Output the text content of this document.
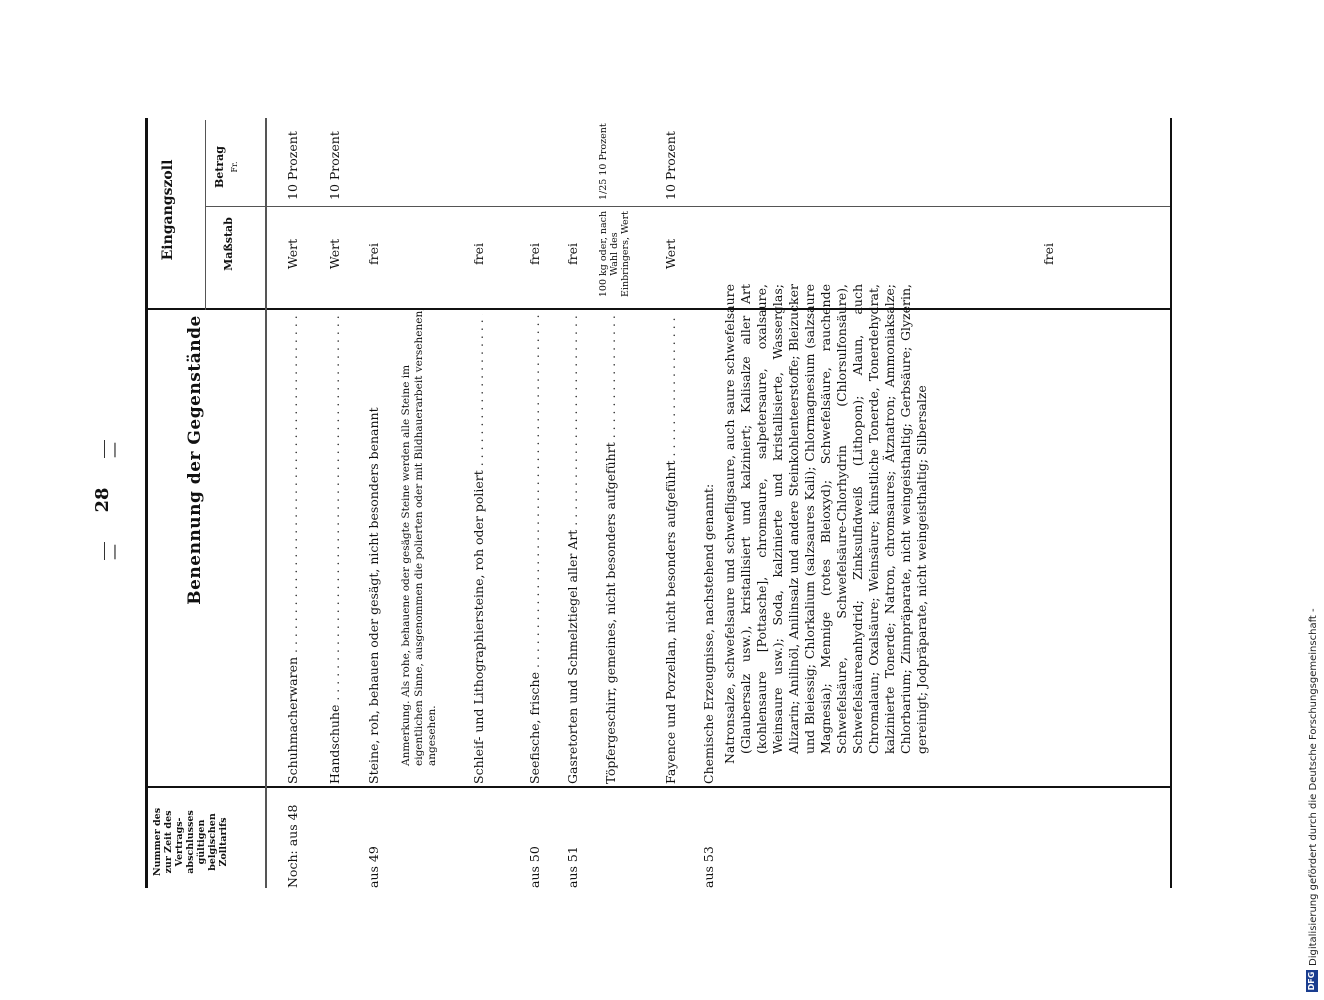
—
28
—
Nummer des zur Zeit des Vertragsabschlusses gültigen belgischen Zolltarifs
Benennung der Gegenstände
Eingangszoll	Maßstab
Betrag Fr.
Noch: aus 48
Schuhmacherwaren . . .
Wert
10 Prozent
Handschuhe . . .
Wert
10 Prozent
aus 49
Steine, roh, behauen oder gesägt, nicht besonders benannt
frei
Anmerkung. Als rohe, behauene oder gesägte Steine werden alle Steine im eigentlichen Sinne, ausgenommen die polierten oder mit Bildhauerarbeit versehenen, angesehen.	Schleif- und Lithographiersteine, roh oder poliert . . .
frei
aus 50
Seefische, frische . . .
frei
aus 51
Gasretorten und Schmelztiegel aller Art . . .
frei
Töpfergeschirr, gemeines, nicht besonders aufgeführt . . .
100 kg oder, nach Wahl des Einbringers, Wert
1/25 10 Prozent
Fayence und Porzellan, nicht besonders aufgeführt . . .
Wert
10 Prozent
aus 53
Chemische Erzeugnisse, nachstehend genannt: Natronsalze, schwefelsaure und schwefligsaure, auch saure schwefelsaure (Glaubersalz usw.), kristallisiert und kalziniert; Kalisalze aller Art (kohlensaure [Pottasche], chromsaure, salpetersaure, oxalsaure, Weinsaure usw.); Soda, kalzinierte und kristallisierte, Wasserglas; Alizarin; Anilinöl, Anilinsalz und andere Steinkohlenteerstoffe; Bleizucker und Bleiessig; Chlorkalium (salzsaures Kali); Chlormagnesium (salzsaure Magnesia); Mennige (rotes Bleioxyd); Schwefelsäure, rauchende Schwefelsäure, Schwefelsäure-Chlorhydrin (Chlorsulfonsäure), Schwefelsäureanhydrid; Zinksulfidweiß (Lithopon); Alaun, auch Chromalaun; Oxalsäure; Weinsäure; künstliche Tonerde, Tonerdehydrat, kalzinierte Tonerde; Natron, chromsaures; Ätznatron; Ammoniaksalze; Chlorbarium; Zinnpräparate, nicht weingeisthaltig; Gerbsäure; Glyzerin, gereinigt; Jodpräparate, nicht weingeisthaltig; Silbersalze
frei
DFG
Digitalisierung gefördert durch die Deutsche Forschungsgemeinschaft -
